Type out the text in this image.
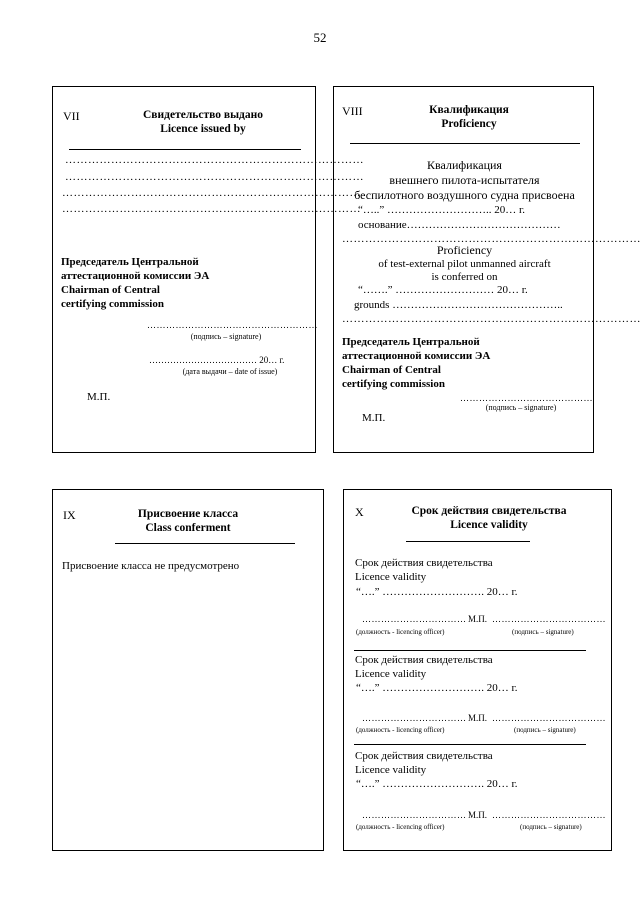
52
VII	Свидетельство выдано
Licence issued by
……………………………………………………………………
……………………………………………………………………
……………………………………………………………………
……………………………………………………………………
Председатель Центральной
аттестационной комиссии ЭА
Chairman of Central
certifying commission
………………………………………………
(подпись – signature)
……………………………… 20… г.
(дата выдачи – date of issue)
М.П.
VIII	Квалификация
Proficiency
Квалификация
внешнего пилота-испытателя
беспилотного воздушного судна присвоена
“…..” ……………………….. 20… г.
основание……………………………………
……………………………………………………………………
Proficiency
of test-external pilot unmanned aircraft
is conferred on
“…….” ……………………… 20… г.
grounds ………………………………………..
……………………………………………………………………
Председатель Центральной
аттестационной комиссии ЭА
Chairman of Central
certifying commission
……………………………………
(подпись – signature)
М.П.
IX	Присвоение класса
Class conferment
Присвоение класса не предусмотрено
X	Срок действия свидетельства
Licence validity
Срок действия свидетельства
Licence validity
“….” ………………………. 20… г.
…………………………… М.П. ………………………………
(должность - licencing officer)	(подпись – signature)
Срок действия свидетельства
Licence validity
“….” ………………………. 20… г.
…………………………… М.П. ………………………………
(должность - licencing officer)	(подпись – signature)
Срок действия свидетельства
Licence validity
“….” ………………………. 20… г.
…………………………… М.П. ………………………………
(должность - licencing officer)	(подпись – signature)
